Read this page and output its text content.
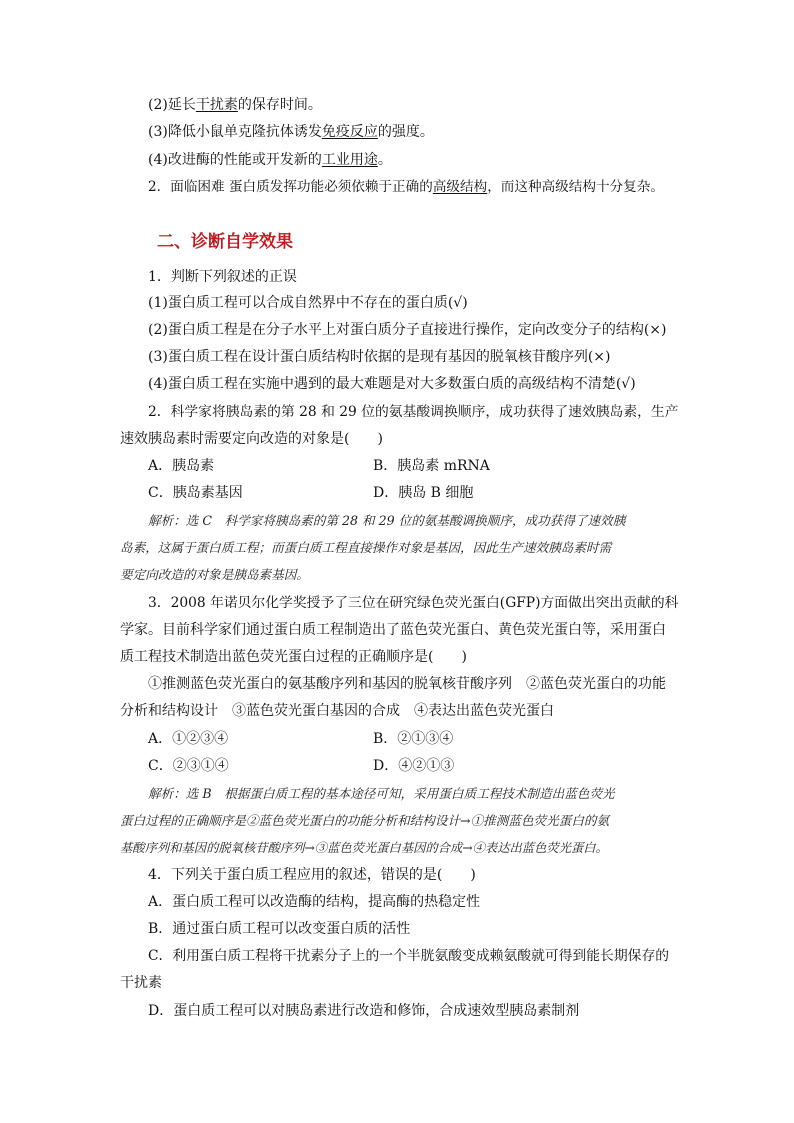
(2)延长干扰素的保存时间。
(3)降低小鼠单克隆抗体诱发免疫反应的强度。
(4)改进酶的性能或开发新的工业用途。
2．面临困难 蛋白质发挥功能必须依赖于正确的高级结构，而这种高级结构十分复杂。
二、诊断自学效果
1．判断下列叙述的正误
(1)蛋白质工程可以合成自然界中不存在的蛋白质(√)
(2)蛋白质工程是在分子水平上对蛋白质分子直接进行操作，定向改变分子的结构(×)
(3)蛋白质工程在设计蛋白质结构时依据的是现有基因的脱氧核苷酸序列(×)
(4)蛋白质工程在实施中遇到的最大难题是对大多数蛋白质的高级结构不清楚(√)
2．科学家将胰岛素的第 28 和 29 位的氨基酸调换顺序，成功获得了速效胰岛素，生产
速效胰岛素时需要定向改造的对象是(　　)
A．胰岛素	B．胰岛素 mRNA
C．胰岛素基因	D．胰岛 B 细胞
解析：选 C　科学家将胰岛素的第 28 和 29 位的氨基酸调换顺序，成功获得了速效胰
岛素，这属于蛋白质工程；而蛋白质工程直接操作对象是基因，因此生产速效胰岛素时需
要定向改造的对象是胰岛素基因。
3．2008 年诺贝尔化学奖授予了三位在研究绿色荧光蛋白(GFP)方面做出突出贡献的科
学家。目前科学家们通过蛋白质工程制造出了蓝色荧光蛋白、黄色荧光蛋白等，采用蛋白
质工程技术制造出蓝色荧光蛋白过程的正确顺序是(　　)
①推测蓝色荧光蛋白的氨基酸序列和基因的脱氧核苷酸序列　②蓝色荧光蛋白的功能
分析和结构设计　③蓝色荧光蛋白基因的合成　④表达出蓝色荧光蛋白
A．①②③④	B．②①③④
C．②③①④	D．④②①③
解析：选 B　根据蛋白质工程的基本途径可知，采用蛋白质工程技术制造出蓝色荧光
蛋白过程的正确顺序是②蓝色荧光蛋白的功能分析和结构设计→①推测蓝色荧光蛋白的氨
基酸序列和基因的脱氧核苷酸序列→③蓝色荧光蛋白基因的合成→④表达出蓝色荧光蛋白。
4．下列关于蛋白质工程应用的叙述，错误的是(　　)
A．蛋白质工程可以改造酶的结构，提高酶的热稳定性
B．通过蛋白质工程可以改变蛋白质的活性
C．利用蛋白质工程将干扰素分子上的一个半胱氨酸变成赖氨酸就可得到能长期保存的
干扰素
D．蛋白质工程可以对胰岛素进行改造和修饰，合成速效型胰岛素制剂
